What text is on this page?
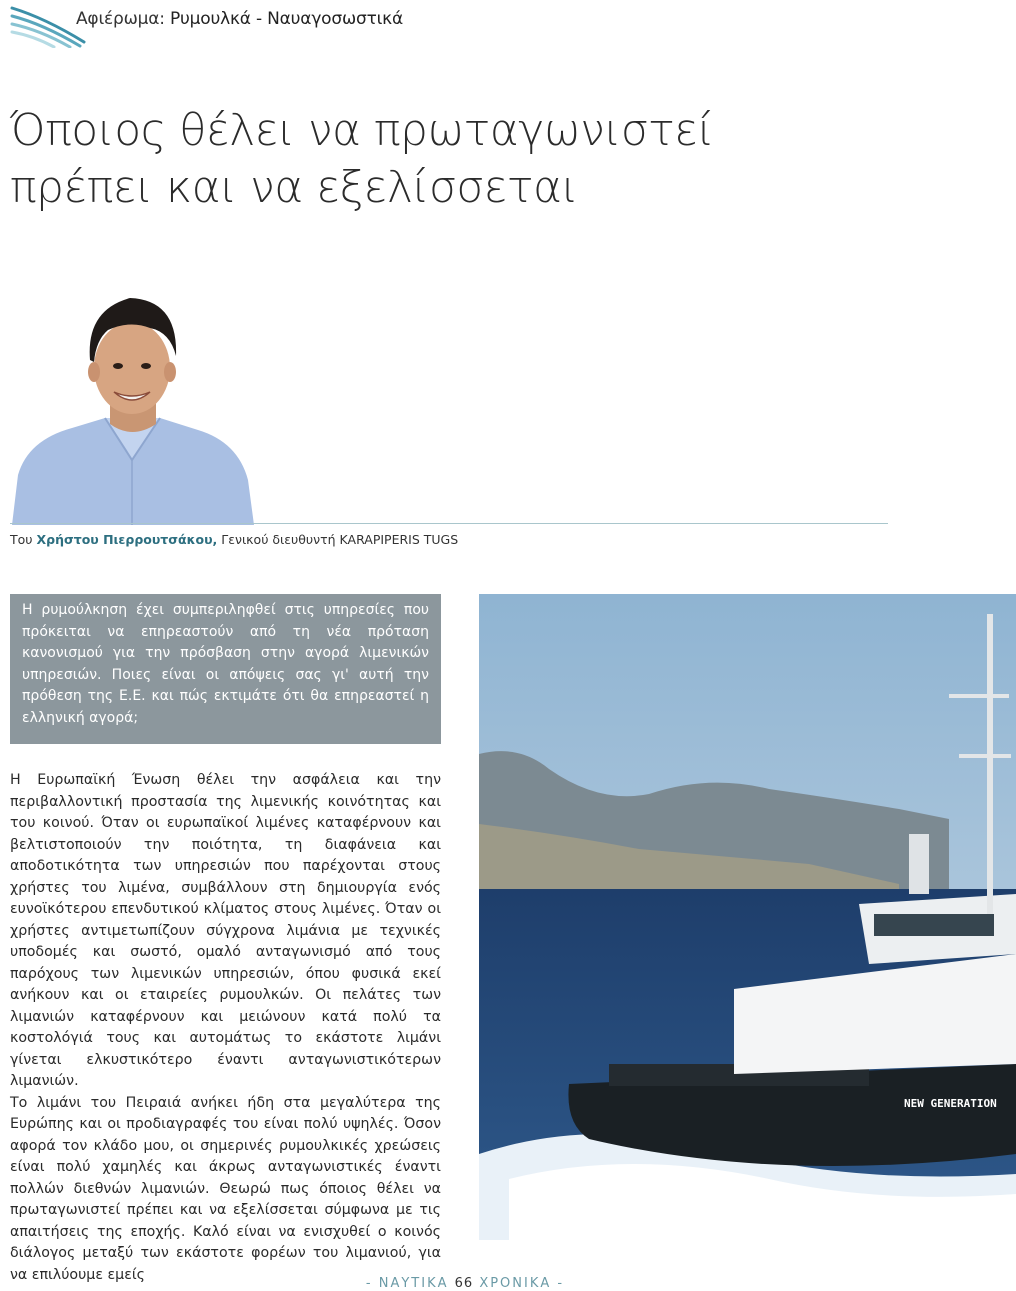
Αφιέρωμα: Ρυμουλκά - Ναυαγοσωστικά
Όποιος θέλει να πρωταγωνιστεί
πρέπει και να εξελίσσεται
Του Χρήστου Πιερρουτσάκου, Γενικού διευθυντή KARAPIPERIS TUGS
Η ρυμούλκηση έχει συμπεριληφθεί στις υπηρεσίες που πρόκειται να επηρεαστούν από τη νέα πρόταση κανονισμού για την πρόσβαση στην αγορά λιμενικών υπηρεσιών. Ποιες είναι οι απόψεις σας γι' αυτή την πρόθεση της Ε.Ε. και πώς εκτιμάτε ότι θα επηρεαστεί η ελληνική αγορά;

Η Ευρωπαϊκή Ένωση θέλει την ασφάλεια και την περιβαλλοντική προστασία της λιμενικής κοινότητας και του κοινού. Όταν οι ευρωπαϊκοί λιμένες καταφέρνουν και βελτιστοποιούν την ποιότητα, τη διαφάνεια και αποδοτικότητα των υπηρεσιών που παρέχονται στους χρήστες του λιμένα, συμβάλλουν στη δημιουργία ενός ευνοϊκότερου επενδυτικού κλίματος στους λιμένες. Όταν οι χρήστες αντιμετωπίζουν σύγχρονα λιμάνια με τεχνικές υποδομές και σωστό, ομαλό ανταγωνισμό από τους παρόχους των λιμενικών υπηρεσιών, όπου φυσικά εκεί ανήκουν και οι εταιρείες ρυμουλκών. Οι πελάτες των λιμανιών καταφέρνουν και μειώνουν κατά πολύ τα κοστολόγιά τους και αυτομάτως το εκάστοτε λιμάνι γίνεται ελκυστικότερο έναντι ανταγωνιστικότερων λιμανιών.

Το λιμάνι του Πειραιά ανήκει ήδη στα μεγαλύτερα της Ευρώπης και οι προδιαγραφές του είναι πολύ υψηλές. Όσον αφορά τον κλάδο μου, οι σημερινές ρυμουλκικές χρεώσεις είναι πολύ χαμηλές και άκρως ανταγωνιστικές έναντι πολλών διεθνών λιμανιών. Θεωρώ πως όποιος θέλει να πρωταγωνιστεί πρέπει και να εξελίσσεται σύμφωνα με τις απαιτήσεις της εποχής. Καλό είναι να ενισχυθεί ο κοινός διάλογος μεταξύ των εκάστοτε φορέων του λιμανιού, για να επιλύουμε εμείς

NEW GENERATION
- ΝΑΥΤΙΚΑ 66 ΧΡΟΝΙΚΑ -
